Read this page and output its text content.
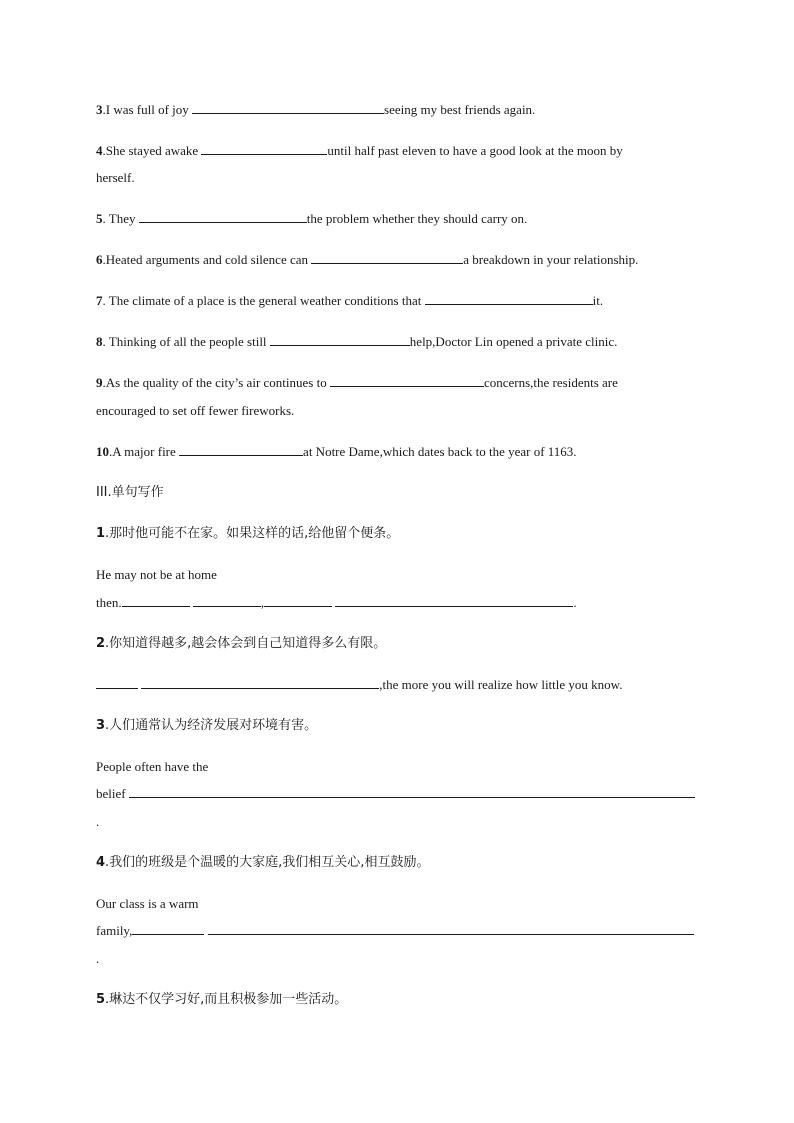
3.I was full of joy	seeing my best friends again.
4.She stayed awake	until half past eleven to have a good look at the moon by
herself.
5. They	the problem whether they should carry on.
6.Heated arguments and cold silence can	a breakdown in your relationship.
7. The climate of a place is the general weather conditions that	it.
8. Thinking of all the people still	help,Doctor Lin opened a private clinic.
9.As the quality of the city’s air continues to	concerns,the residents are
encouraged to set off fewer fireworks.
10.A major fire	at Notre Dame,which dates back to the year of 1163.
III.单句写作
1.那时他可能不在家。如果这样的话,给他留个便条。
He may not be at home
then.	,	.
2.你知道得越多,越会体会到自己知道得多么有限。
,the more you will realize how little you know.
3.人们通常认为经济发展对环境有害。
People often have the
belief
.
4.我们的班级是个温暖的大家庭,我们相互关心,相互鼓励。
Our class is a warm
family,
.
5.琳达不仅学习好,而且积极参加一些活动。
